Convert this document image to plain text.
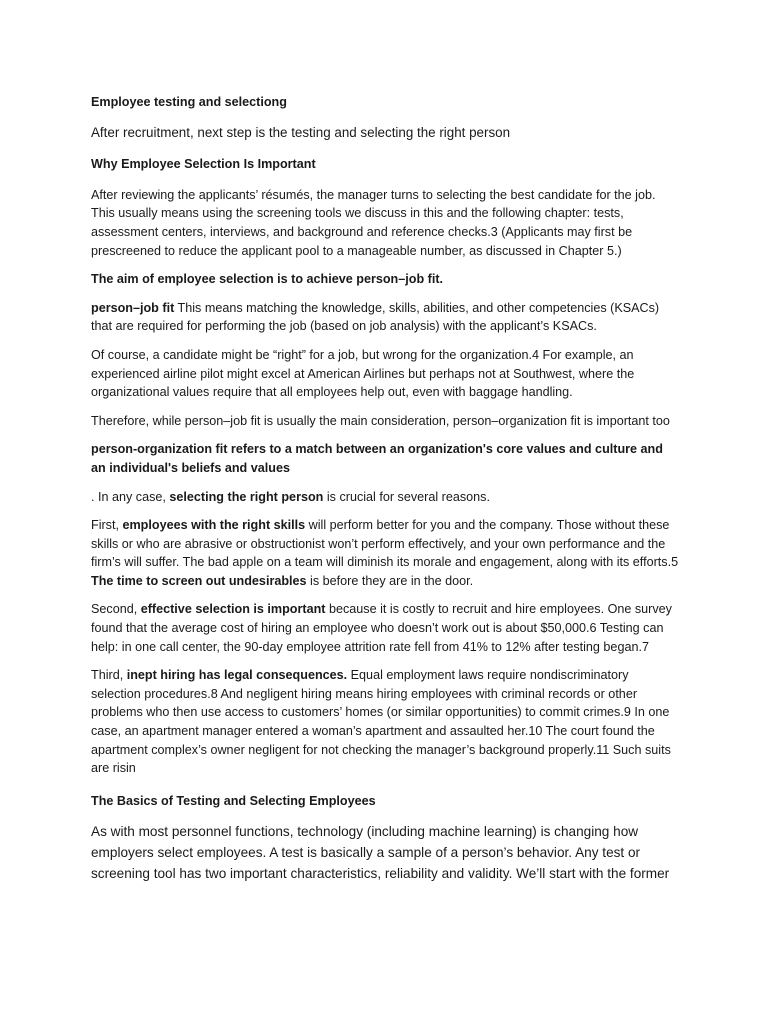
Employee testing and selectiong

After recruitment, next step is the testing and selecting the right person

Why Employee Selection Is Important

After reviewing the applicants’ résumés, the manager turns to selecting the best candidate for the job. This usually means using the screening tools we discuss in this and the following chapter: tests, assessment centers, interviews, and background and reference checks.3 (Applicants may first be prescreened to reduce the applicant pool to a manageable number, as discussed in Chapter 5.)

The aim of employee selection is to achieve person–job fit.

person–job fit This means matching the knowledge, skills, abilities, and other competencies (KSACs) that are required for performing the job (based on job analysis) with the applicant’s KSACs.

Of course, a candidate might be “right” for a job, but wrong for the organization.4 For example, an experienced airline pilot might excel at American Airlines but perhaps not at Southwest, where the organizational values require that all employees help out, even with baggage handling.

Therefore, while person–job fit is usually the main consideration, person–organization fit is important too

person-organization fit refers to a match between an organization's core values and culture and an individual's beliefs and values

. In any case, selecting the right person is crucial for several reasons.

First, employees with the right skills will perform better for you and the company. Those without these skills or who are abrasive or obstructionist won’t perform effectively, and your own performance and the firm’s will suffer. The bad apple on a team will diminish its morale and engagement, along with its efforts.5 The time to screen out undesirables is before they are in the door.

Second, effective selection is important because it is costly to recruit and hire employees. One survey found that the average cost of hiring an employee who doesn’t work out is about $50,000.6 Testing can help: in one call center, the 90-day employee attrition rate fell from 41% to 12% after testing began.7

Third, inept hiring has legal consequences. Equal employment laws require nondiscriminatory selection procedures.8 And negligent hiring means hiring employees with criminal records or other problems who then use access to customers’ homes (or similar opportunities) to commit crimes.9 In one case, an apartment manager entered a woman’s apartment and assaulted her.10 The court found the apartment complex’s owner negligent for not checking the manager’s background properly.11 Such suits are risin

The Basics of Testing and Selecting Employees

As with most personnel functions, technology (including machine learning) is changing how employers select employees. A test is basically a sample of a person’s behavior. Any test or screening tool has two important characteristics, reliability and validity. We’ll start with the former
